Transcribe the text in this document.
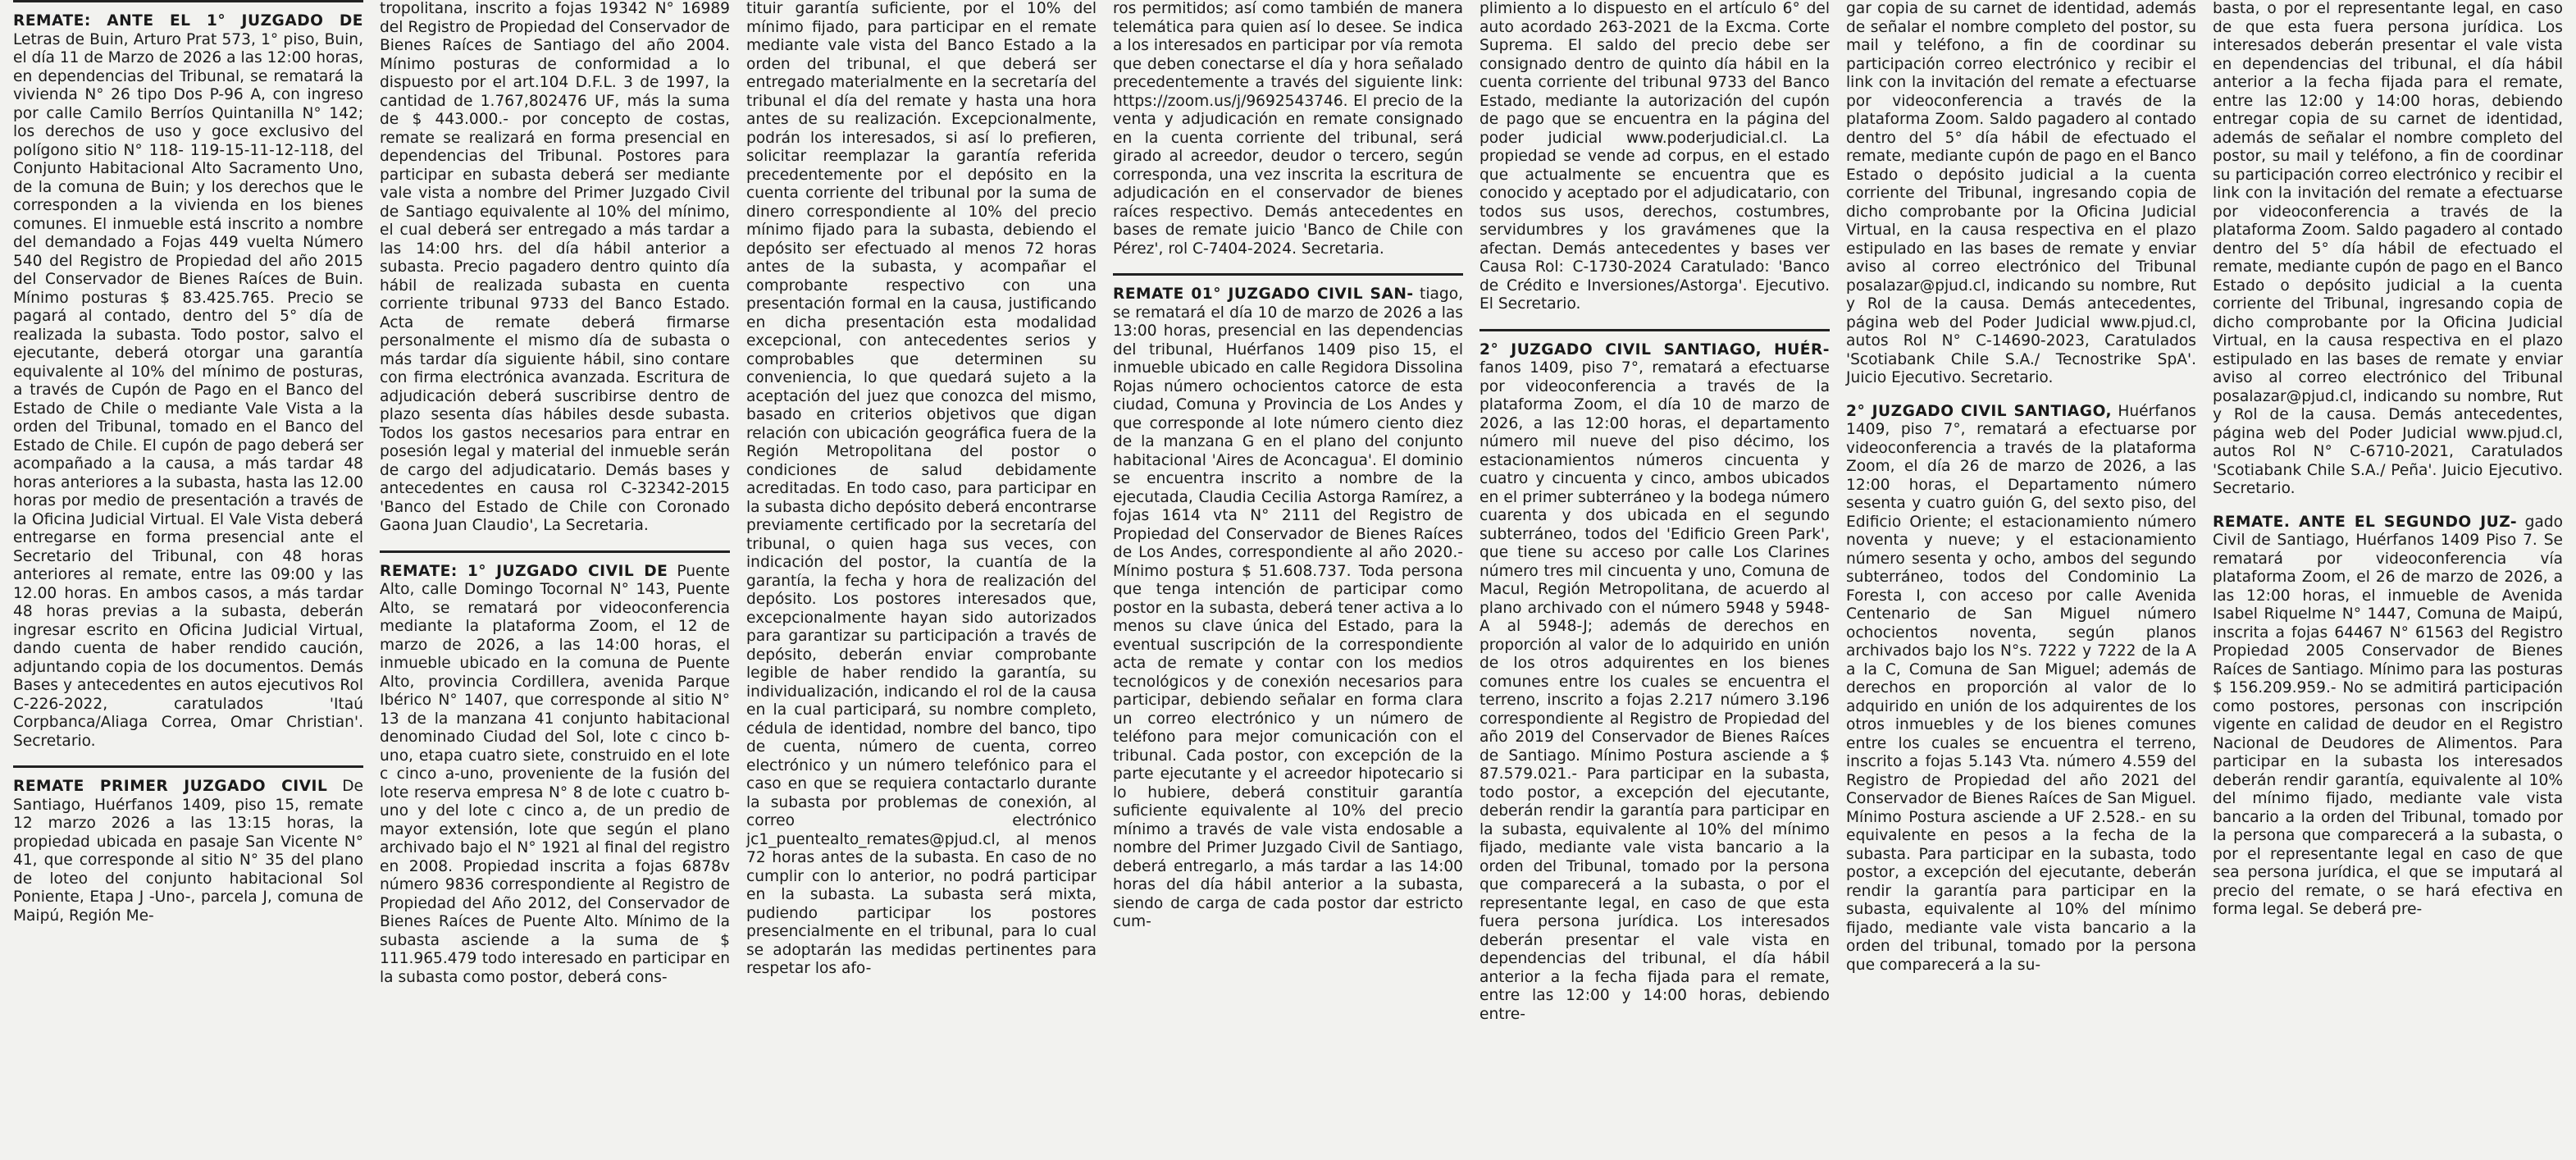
REMATE: ANTE EL 1° JUZGADO DE Letras de Buin, Arturo Prat 573, 1° piso, Buin, el día 11 de Marzo de 2026 a las 12:00 horas, en dependencias del Tribunal, se rematará la vivienda N° 26 tipo Dos P-96 A, con ingreso por calle Camilo Berríos Quintanilla N° 142; los derechos de uso y goce exclusivo del polígono sitio N° 118- 119-15-11-12-118, del Conjunto Habitacional Alto Sacramento Uno, de la comuna de Buin; y los derechos que le corresponden a la vivienda en los bienes comunes. El inmueble está inscrito a nombre del demandado a Fojas 449 vuelta Número 540 del Registro de Propiedad del año 2015 del Conservador de Bienes Raíces de Buin. Mínimo posturas $ 83.425.765. Precio se pagará al contado, dentro del 5° día de realizada la subasta. Todo postor, salvo el ejecutante, deberá otorgar una garantía equivalente al 10% del mínimo de posturas, a través de Cupón de Pago en el Banco del Estado de Chile o mediante Vale Vista a la orden del Tribunal, tomado en el Banco del Estado de Chile. El cupón de pago deberá ser acompañado a la causa, a más tardar 48 horas anteriores a la subasta, hasta las 12.00 horas por medio de presentación a través de la Oficina Judicial Virtual. El Vale Vista deberá entregarse en forma presencial ante el Secretario del Tribunal, con 48 horas anteriores al remate, entre las 09:00 y las 12.00 horas. En ambos casos, a más tardar 48 horas previas a la subasta, deberán ingresar escrito en Oficina Judicial Virtual, dando cuenta de haber rendido caución, adjuntando copia de los documentos. Demás Bases y antecedentes en autos ejecutivos Rol C-226-2022, caratulados 'Itaú Corpbanca/Aliaga Correa, Omar Christian'. Secretario.

REMATE PRIMER JUZGADO CIVIL De Santiago, Huérfanos 1409, piso 15, remate 12 marzo 2026 a las 13:15 horas, la propiedad ubicada en pasaje San Vicente N° 41, que corresponde al sitio N° 35 del plano de loteo del conjunto habitacional Sol Poniente, Etapa J -Uno-, parcela J, comuna de Maipú, Región Me-

tropolitana, inscrito a fojas 19342 N° 16989 del Registro de Propiedad del Conservador de Bienes Raíces de Santiago del año 2004. Mínimo posturas de conformidad a lo dispuesto por el art.104 D.F.L. 3 de 1997, la cantidad de 1.767,802476 UF, más la suma de $ 443.000.- por concepto de costas, remate se realizará en forma presencial en dependencias del Tribunal. Postores para participar en subasta deberá ser mediante vale vista a nombre del Primer Juzgado Civil de Santiago equivalente al 10% del mínimo, el cual deberá ser entregado a más tardar a las 14:00 hrs. del día hábil anterior a subasta. Precio pagadero dentro quinto día hábil de realizada subasta en cuenta corriente tribunal 9733 del Banco Estado. Acta de remate deberá firmarse personalmente el mismo día de subasta o más tardar día siguiente hábil, sino contare con firma electrónica avanzada. Escritura de adjudicación deberá suscribirse dentro de plazo sesenta días hábiles desde subasta. Todos los gastos necesarios para entrar en posesión legal y material del inmueble serán de cargo del adjudicatario. Demás bases y antecedentes en causa rol C-32342-2015 'Banco del Estado de Chile con Coronado Gaona Juan Claudio', La Secretaria.

REMATE: 1° JUZGADO CIVIL DE Puente Alto, calle Domingo Tocornal N° 143, Puente Alto, se rematará por videoconferencia mediante la plataforma Zoom, el 12 de marzo de 2026, a las 14:00 horas, el inmueble ubicado en la comuna de Puente Alto, provincia Cordillera, avenida Parque Ibérico N° 1407, que corresponde al sitio N° 13 de la manzana 41 conjunto habitacional denominado Ciudad del Sol, lote c cinco b-uno, etapa cuatro siete, construido en el lote c cinco a-uno, proveniente de la fusión del lote reserva empresa N° 8 de lote c cuatro b-uno y del lote c cinco a, de un predio de mayor extensión, lote que según el plano archivado bajo el N° 1921 al final del registro en 2008. Propiedad inscrita a fojas 6878v número 9836 correspondiente al Registro de Propiedad del Año 2012, del Conservador de Bienes Raíces de Puente Alto. Mínimo de la subasta asciende a la suma de $ 111.965.479 todo interesado en participar en la subasta como postor, deberá cons-

tituir garantía suficiente, por el 10% del mínimo fijado, para participar en el remate mediante vale vista del Banco Estado a la orden del tribunal, el que deberá ser entregado materialmente en la secretaría del tribunal el día del remate y hasta una hora antes de su realización. Excepcionalmente, podrán los interesados, si así lo prefieren, solicitar reemplazar la garantía referida precedentemente por el depósito en la cuenta corriente del tribunal por la suma de dinero correspondiente al 10% del precio mínimo fijado para la subasta, debiendo el depósito ser efectuado al menos 72 horas antes de la subasta, y acompañar el comprobante respectivo con una presentación formal en la causa, justificando en dicha presentación esta modalidad excepcional, con antecedentes serios y comprobables que determinen su conveniencia, lo que quedará sujeto a la aceptación del juez que conozca del mismo, basado en criterios objetivos que digan relación con ubicación geográfica fuera de la Región Metropolitana del postor o condiciones de salud debidamente acreditadas. En todo caso, para participar en la subasta dicho depósito deberá encontrarse previamente certificado por la secretaría del tribunal, o quien haga sus veces, con indicación del postor, la cuantía de la garantía, la fecha y hora de realización del depósito. Los postores interesados que, excepcionalmente hayan sido autorizados para garantizar su participación a través de depósito, deberán enviar comprobante legible de haber rendido la garantía, su individualización, indicando el rol de la causa en la cual participará, su nombre completo, cédula de identidad, nombre del banco, tipo de cuenta, número de cuenta, correo electrónico y un número telefónico para el caso en que se requiera contactarlo durante la subasta por problemas de conexión, al correo electrónico jc1_puentealto_remates@pjud.cl, al menos 72 horas antes de la subasta. En caso de no cumplir con lo anterior, no podrá participar en la subasta. La subasta será mixta, pudiendo participar los postores presencialmente en el tribunal, para lo cual se adoptarán las medidas pertinentes para respetar los afo-

ros permitidos; así como también de manera telemática para quien así lo desee. Se indica a los interesados en participar por vía remota que deben conectarse el día y hora señalado precedentemente a través del siguiente link: https://zoom.us/j/9692543746. El precio de la venta y adjudicación en remate consignado en la cuenta corriente del tribunal, será girado al acreedor, deudor o tercero, según corresponda, una vez inscrita la escritura de adjudicación en el conservador de bienes raíces respectivo. Demás antecedentes en bases de remate juicio 'Banco de Chile con Pérez', rol C-7404-2024. Secretaria.

REMATE 01° JUZGADO CIVIL SAN- tiago, se rematará el día 10 de marzo de 2026 a las 13:00 horas, presencial en las dependencias del tribunal, Huérfanos 1409 piso 15, el inmueble ubicado en calle Regidora Dissolina Rojas número ochocientos catorce de esta ciudad, Comuna y Provincia de Los Andes y que corresponde al lote número ciento diez de la manzana G en el plano del conjunto habitacional 'Aires de Aconcagua'. El dominio se encuentra inscrito a nombre de la ejecutada, Claudia Cecilia Astorga Ramírez, a fojas 1614 vta N° 2111 del Registro de Propiedad del Conservador de Bienes Raíces de Los Andes, correspondiente al año 2020.- Mínimo postura $ 51.608.737. Toda persona que tenga intención de participar como postor en la subasta, deberá tener activa a lo menos su clave única del Estado, para la eventual suscripción de la correspondiente acta de remate y contar con los medios tecnológicos y de conexión necesarios para participar, debiendo señalar en forma clara un correo electrónico y un número de teléfono para mejor comunicación con el tribunal. Cada postor, con excepción de la parte ejecutante y el acreedor hipotecario si lo hubiere, deberá constituir garantía suficiente equivalente al 10% del precio mínimo a través de vale vista endosable a nombre del Primer Juzgado Civil de Santiago, deberá entregarlo, a más tardar a las 14:00 horas del día hábil anterior a la subasta, siendo de carga de cada postor dar estricto cum-

plimiento a lo dispuesto en el artículo 6° del auto acordado 263-2021 de la Excma. Corte Suprema. El saldo del precio debe ser consignado dentro de quinto día hábil en la cuenta corriente del tribunal 9733 del Banco Estado, mediante la autorización del cupón de pago que se encuentra en la página del poder judicial www.poderjudicial.cl. La propiedad se vende ad corpus, en el estado que actualmente se encuentra que es conocido y aceptado por el adjudicatario, con todos sus usos, derechos, costumbres, servidumbres y los gravámenes que la afectan. Demás antecedentes y bases ver Causa Rol: C-1730-2024 Caratulado: 'Banco de Crédito e Inversiones/Astorga'. Ejecutivo. El Secretario.

2° JUZGADO CIVIL SANTIAGO, HUÉR- fanos 1409, piso 7°, rematará a efectuarse por videoconferencia a través de la plataforma Zoom, el día 10 de marzo de 2026, a las 12:00 horas, el departamento número mil nueve del piso décimo, los estacionamientos números cincuenta y cuatro y cincuenta y cinco, ambos ubicados en el primer subterráneo y la bodega número cuarenta y dos ubicada en el segundo subterráneo, todos del 'Edificio Green Park', que tiene su acceso por calle Los Clarines número tres mil cincuenta y uno, Comuna de Macul, Región Metropolitana, de acuerdo al plano archivado con el número 5948 y 5948-A al 5948-J; además de derechos en proporción al valor de lo adquirido en unión de los otros adquirentes en los bienes comunes entre los cuales se encuentra el terreno, inscrito a fojas 2.217 número 3.196 correspondiente al Registro de Propiedad del año 2019 del Conservador de Bienes Raíces de Santiago. Mínimo Postura asciende a $ 87.579.021.- Para participar en la subasta, todo postor, a excepción del ejecutante, deberán rendir la garantía para participar en la subasta, equivalente al 10% del mínimo fijado, mediante vale vista bancario a la orden del Tribunal, tomado por la persona que comparecerá a la subasta, o por el representante legal, en caso de que esta fuera persona jurídica. Los interesados deberán presentar el vale vista en dependencias del tribunal, el día hábil anterior a la fecha fijada para el remate, entre las 12:00 y 14:00 horas, debiendo entre-

gar copia de su carnet de identidad, además de señalar el nombre completo del postor, su mail y teléfono, a fin de coordinar su participación correo electrónico y recibir el link con la invitación del remate a efectuarse por videoconferencia a través de la plataforma Zoom. Saldo pagadero al contado dentro del 5° día hábil de efectuado el remate, mediante cupón de pago en el Banco Estado o depósito judicial a la cuenta corriente del Tribunal, ingresando copia de dicho comprobante por la Oficina Judicial Virtual, en la causa respectiva en el plazo estipulado en las bases de remate y enviar aviso al correo electrónico del Tribunal posalazar@pjud.cl, indicando su nombre, Rut y Rol de la causa. Demás antecedentes, página web del Poder Judicial www.pjud.cl, autos Rol N° C-14690-2023, Caratulados 'Scotiabank Chile S.A./ Tecnostrike SpA'. Juicio Ejecutivo. Secretario.

2° JUZGADO CIVIL SANTIAGO, Huérfanos 1409, piso 7°, rematará a efectuarse por videoconferencia a través de la plataforma Zoom, el día 26 de marzo de 2026, a las 12:00 horas, el Departamento número sesenta y cuatro guión G, del sexto piso, del Edificio Oriente; el estacionamiento número noventa y nueve; y el estacionamiento número sesenta y ocho, ambos del segundo subterráneo, todos del Condominio La Foresta I, con acceso por calle Avenida Centenario de San Miguel número ochocientos noventa, según planos archivados bajo los N°s. 7222 y 7222 de la A a la C, Comuna de San Miguel; además de derechos en proporción al valor de lo adquirido en unión de los adquirentes de los otros inmuebles y de los bienes comunes entre los cuales se encuentra el terreno, inscrito a fojas 5.143 Vta. número 4.559 del Registro de Propiedad del año 2021 del Conservador de Bienes Raíces de San Miguel. Mínimo Postura asciende a UF 2.528.- en su equivalente en pesos a la fecha de la subasta. Para participar en la subasta, todo postor, a excepción del ejecutante, deberán rendir la garantía para participar en la subasta, equivalente al 10% del mínimo fijado, mediante vale vista bancario a la orden del tribunal, tomado por la persona que comparecerá a la su-

basta, o por el representante legal, en caso de que esta fuera persona jurídica. Los interesados deberán presentar el vale vista en dependencias del tribunal, el día hábil anterior a la fecha fijada para el remate, entre las 12:00 y 14:00 horas, debiendo entregar copia de su carnet de identidad, además de señalar el nombre completo del postor, su mail y teléfono, a fin de coordinar su participación correo electrónico y recibir el link con la invitación del remate a efectuarse por videoconferencia a través de la plataforma Zoom. Saldo pagadero al contado dentro del 5° día hábil de efectuado el remate, mediante cupón de pago en el Banco Estado o depósito judicial a la cuenta corriente del Tribunal, ingresando copia de dicho comprobante por la Oficina Judicial Virtual, en la causa respectiva en el plazo estipulado en las bases de remate y enviar aviso al correo electrónico del Tribunal posalazar@pjud.cl, indicando su nombre, Rut y Rol de la causa. Demás antecedentes, página web del Poder Judicial www.pjud.cl, autos Rol N° C-6710-2021, Caratulados 'Scotiabank Chile S.A./ Peña'. Juicio Ejecutivo. Secretario.

REMATE. ANTE EL SEGUNDO JUZ- gado Civil de Santiago, Huérfanos 1409 Piso 7. Se rematará por videoconferencia vía plataforma Zoom, el 26 de marzo de 2026, a las 12:00 horas, el inmueble de Avenida Isabel Riquelme N° 1447, Comuna de Maipú, inscrita a fojas 64467 N° 61563 del Registro Propiedad 2005 Conservador de Bienes Raíces de Santiago. Mínimo para las posturas $ 156.209.959.- No se admitirá participación como postores, personas con inscripción vigente en calidad de deudor en el Registro Nacional de Deudores de Alimentos. Para participar en la subasta los interesados deberán rendir garantía, equivalente al 10% del mínimo fijado, mediante vale vista bancario a la orden del Tribunal, tomado por la persona que comparecerá a la subasta, o por el representante legal en caso de que sea persona jurídica, el que se imputará al precio del remate, o se hará efectiva en forma legal. Se deberá pre-
